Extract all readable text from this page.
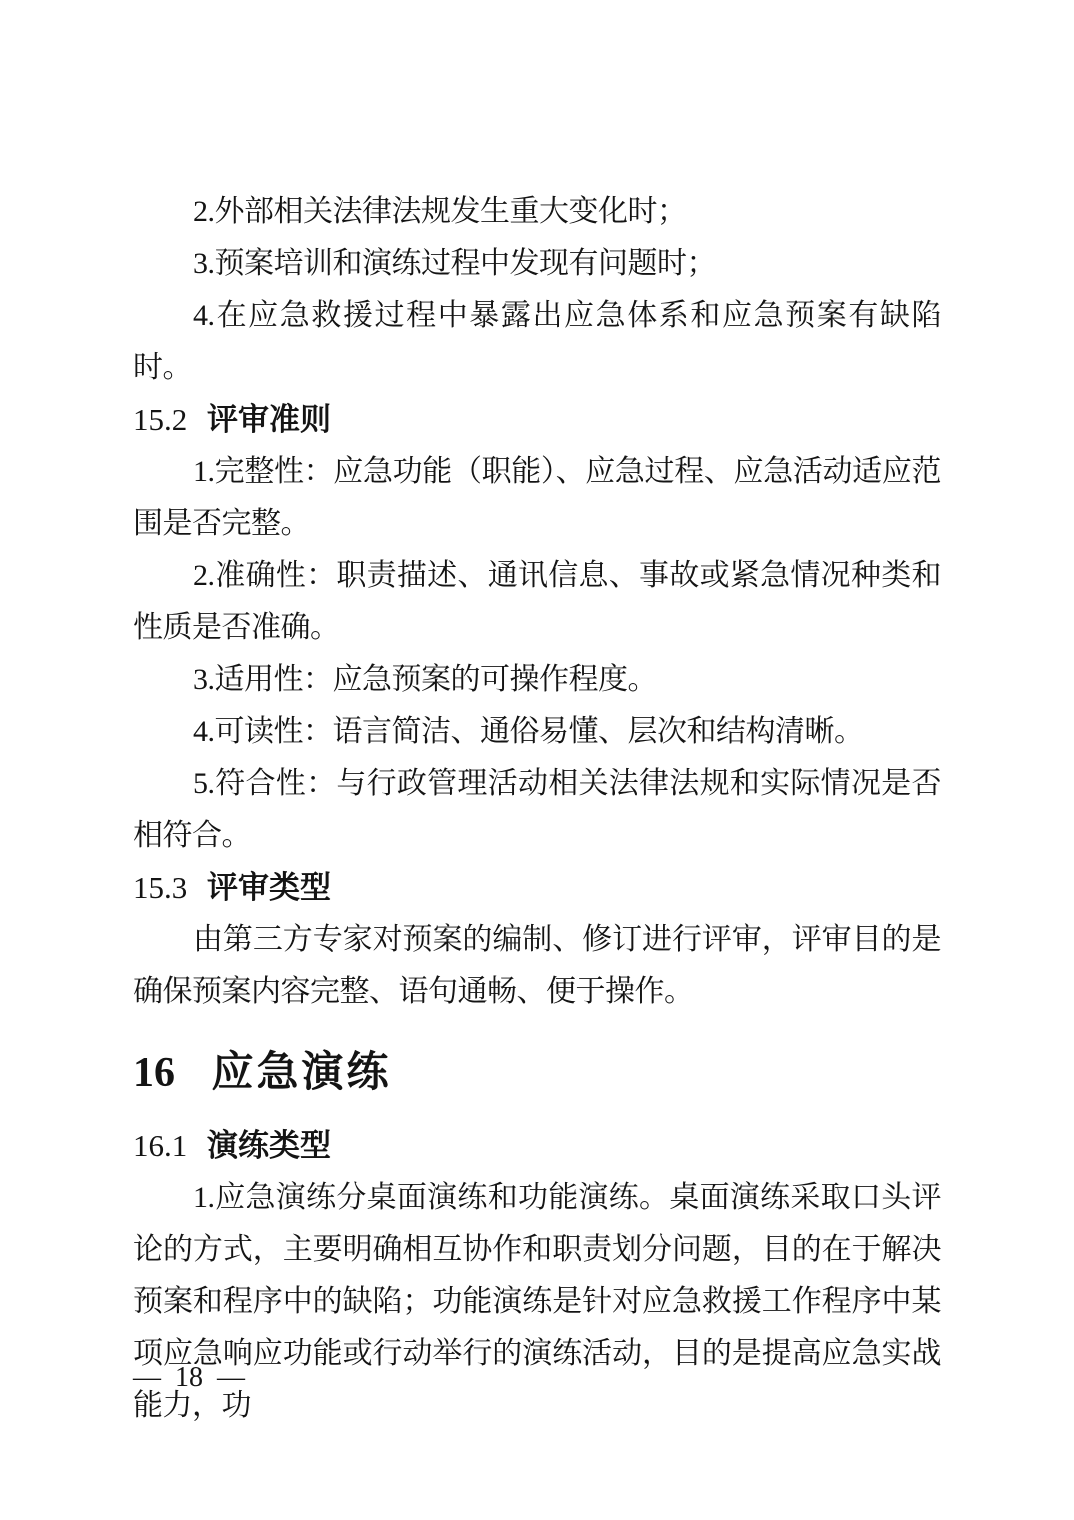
2.外部相关法律法规发生重大变化时；

3.预案培训和演练过程中发现有问题时；

4.在应急救援过程中暴露出应急体系和应急预案有缺陷时。

15.2 评审准则

1.完整性：应急功能（职能）、应急过程、应急活动适应范围是否完整。

2.准确性：职责描述、通讯信息、事故或紧急情况种类和性质是否准确。

3.适用性：应急预案的可操作程度。

4.可读性：语言简洁、通俗易懂、层次和结构清晰。

5.符合性：与行政管理活动相关法律法规和实际情况是否相符合。

15.3 评审类型

由第三方专家对预案的编制、修订进行评审，评审目的是确保预案内容完整、语句通畅、便于操作。

16 应急演练
16.1 演练类型

1.应急演练分桌面演练和功能演练。桌面演练采取口头评论的方式，主要明确相互协作和职责划分问题，目的在于解决预案和程序中的缺陷；功能演练是针对应急救援工作程序中某项应急响应功能或行动举行的演练活动，目的是提高应急实战能力，功

— 18 —
